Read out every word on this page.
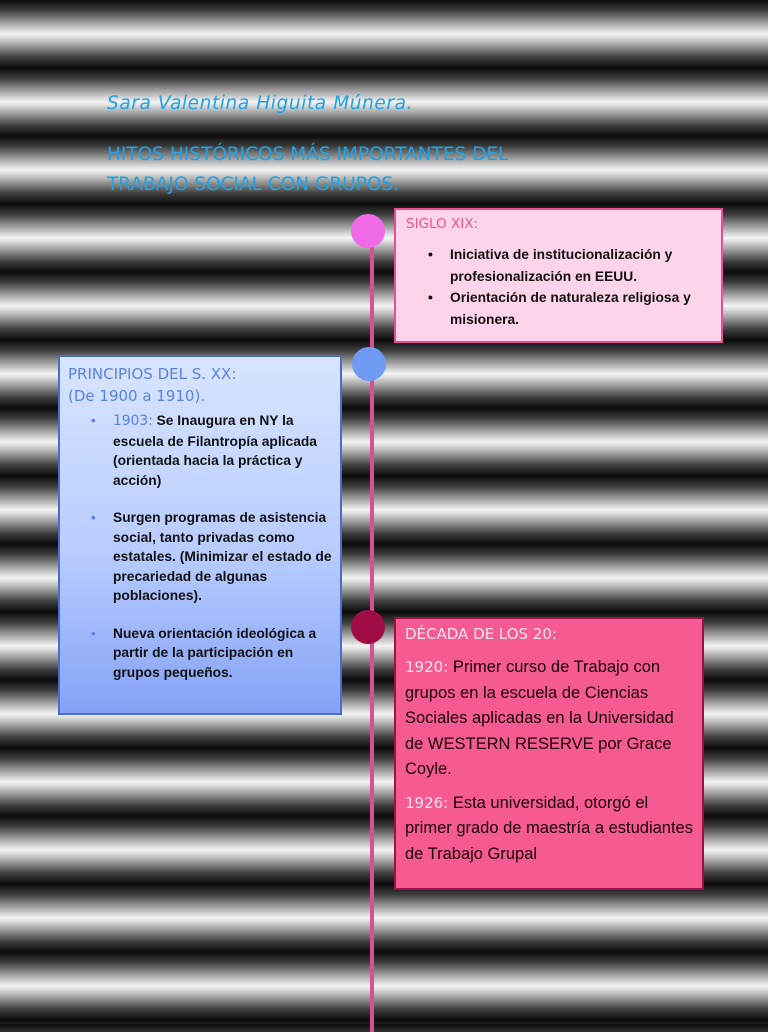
Sara Valentina Higuita Múnera.
HITOS HISTÓRICOS MÁS IMPORTANTES DEL
TRABAJO SOCIAL CON GRUPOS.

SIGLO XIX:

• Iniciativa de institucionalización y profesionalización en EEUU.
• Orientación de naturaleza religiosa y misionera.

PRINCIPIOS DEL S. XX:
(De 1900 a 1910).

• 1903: Se Inaugura en NY la escuela de Filantropía aplicada (orientada hacia la práctica y acción)
• Surgen programas de asistencia social, tanto privadas como estatales. (Minimizar el estado de precariedad de algunas poblaciones).
• Nueva orientación ideológica a partir de la participación en grupos pequeños.

DÉCADA DE LOS 20:

1920: Primer curso de Trabajo con grupos en la escuela de Ciencias Sociales aplicadas en la Universidad de WESTERN RESERVE por Grace Coyle.

1926: Esta universidad, otorgó el primer grado de maestría a estudiantes de Trabajo Grupal
